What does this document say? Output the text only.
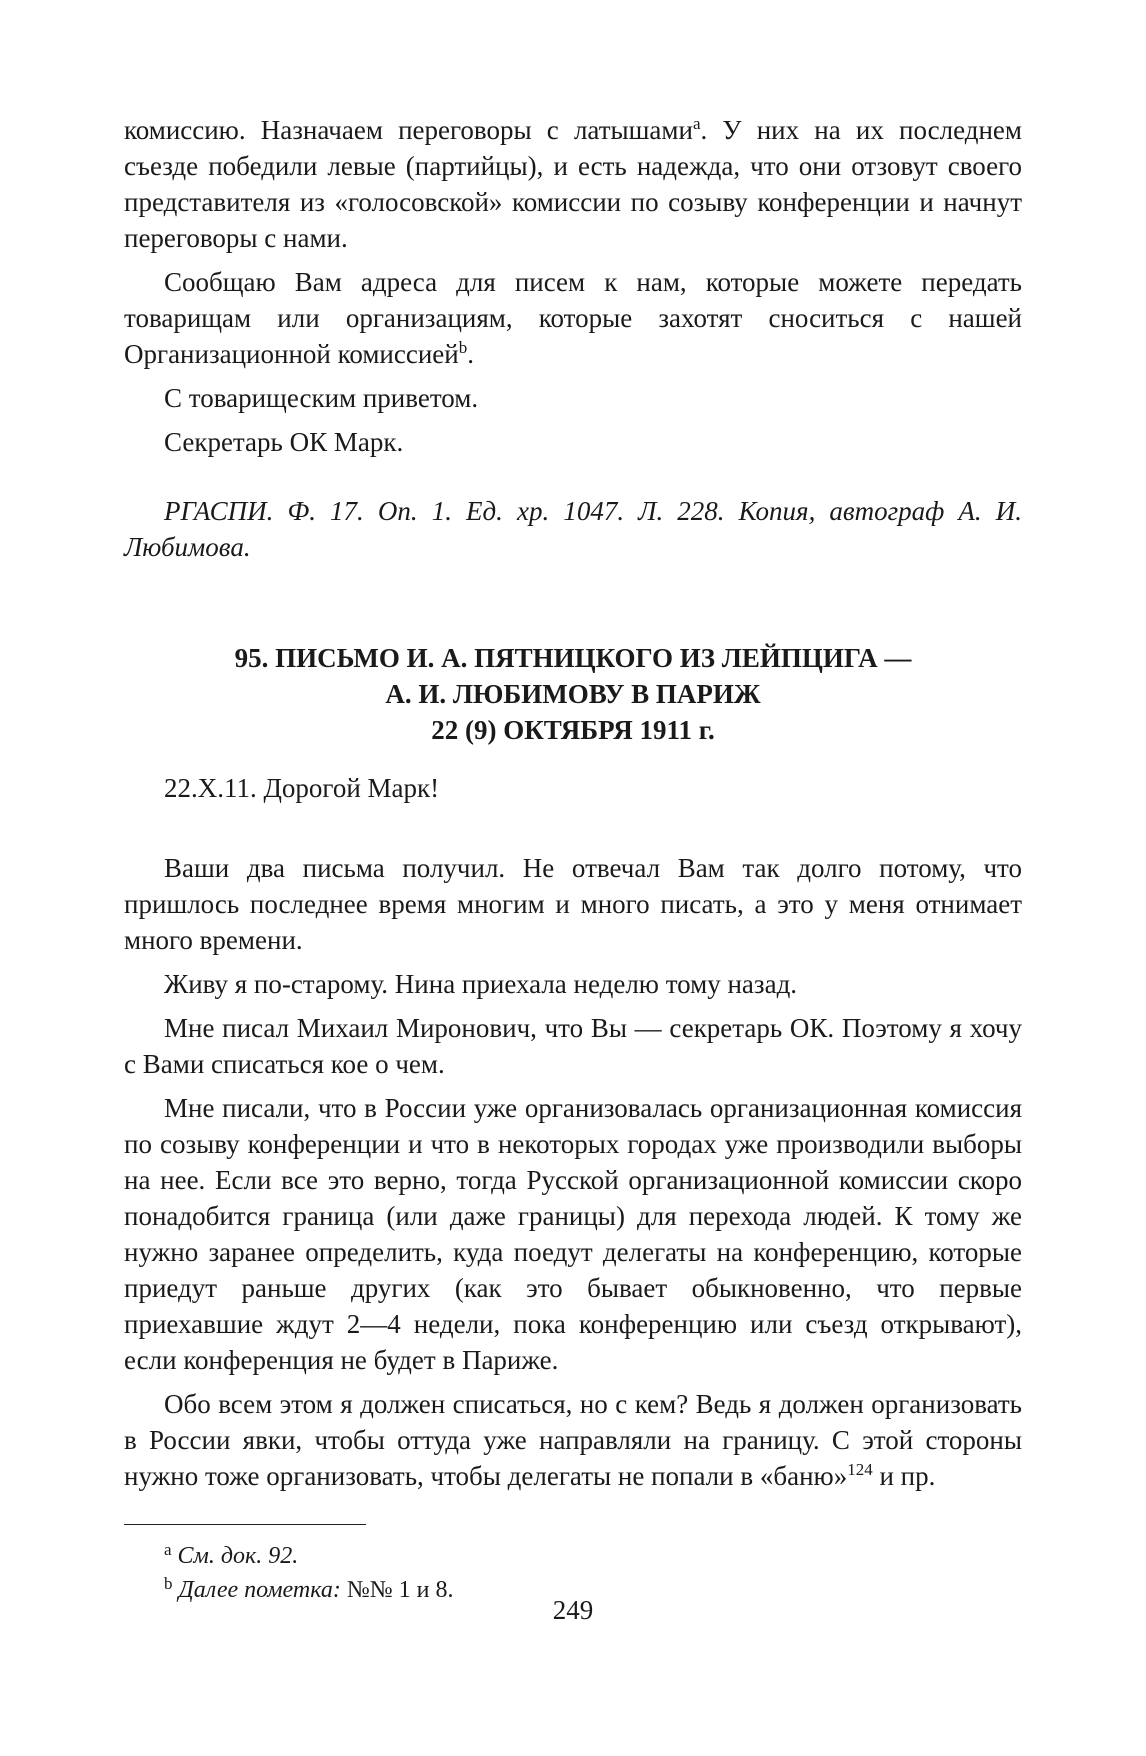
комиссию. Назначаем переговоры с латышами$^а$. У них на их последнем съезде победили левые (партийцы), и есть надежда, что они отзовут своего представителя из «голосовской» комиссии по созыву конференции и начнут переговоры с нами.

Сообщаю Вам адреса для писем к нам, которые можете передать товарищам или организациям, которые захотят сноситься с нашей Организационной комиссией$^b$.

С товарищеским приветом.

Секретарь ОК Марк.

РГАСПИ. Ф. 17. Оп. 1. Ед. хр. 1047. Л. 228. Копия, автограф А. И. Любимова.

95. ПИСЬМО И. А. ПЯТНИЦКОГО ИЗ ЛЕЙПЦИГА —
А. И. ЛЮБИМОВУ В ПАРИЖ
22 (9) ОКТЯБРЯ 1911 г.

22.X.11. Дорогой Марк!

Ваши два письма получил. Не отвечал Вам так долго потому, что пришлось последнее время многим и много писать, а это у меня отнимает много времени.

Живу я по-старому. Нина приехала неделю тому назад.

Мне писал Михаил Миронович, что Вы — секретарь ОК. Поэтому я хочу с Вами списаться кое о чем.

Мне писали, что в России уже организовалась организационная комиссия по созыву конференции и что в некоторых городах уже производили выборы на нее. Если все это верно, тогда Русской организационной комиссии скоро понадобится граница (или даже границы) для перехода людей. К тому же нужно заранее определить, куда поедут делегаты на конференцию, которые приедут раньше других (как это бывает обыкновенно, что первые приехавшие ждут 2—4 недели, пока конференцию или съезд открывают), если конференция не будет в Париже.

Обо всем этом я должен списаться, но с кем? Ведь я должен организовать в России явки, чтобы оттуда уже направляли на границу. С этой стороны нужно тоже организовать, чтобы делегаты не попали в «баню»$^{124}$ и пр.

$^a$ См. док. 92.
$^b$ Далее пометка: №№ 1 и 8.
249
